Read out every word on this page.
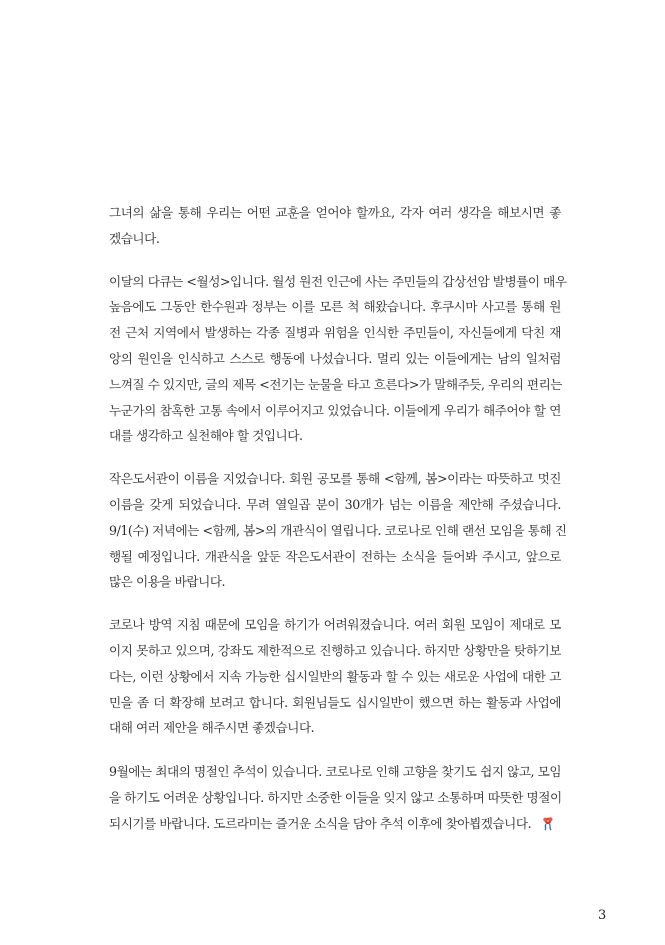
그녀의 삶을 통해 우리는 어떤 교훈을 얻어야 할까요, 각자 여러 생각을 해보시면 좋
겠습니다.
이달의 다큐는 <월성>입니다. 월성 원전 인근에 사는 주민들의 갑상선암 발병률이 매우
높음에도 그동안 한수원과 정부는 이를 모른 척 해왔습니다. 후쿠시마 사고를 통해 원
전 근처 지역에서 발생하는 각종 질병과 위험을 인식한 주민들이, 자신들에게 닥친 재
앙의 원인을 인식하고 스스로 행동에 나섰습니다. 멀리 있는 이들에게는 남의 일처럼
느껴질 수 있지만, 글의 제목 <전기는 눈물을 타고 흐른다>가 말해주듯, 우리의 편리는
누군가의 참혹한 고통 속에서 이루어지고 있었습니다. 이들에게 우리가 해주어야 할 연
대를 생각하고 실천해야 할 것입니다.
작은도서관이 이름을 지었습니다. 회원 공모를 통해 <함께, 봄>이라는 따뜻하고 멋진
이름을 갖게 되었습니다. 무려 열일곱 분이 30개가 넘는 이름을 제안해 주셨습니다.
9/1(수) 저녁에는 <함께, 봄>의 개관식이 열립니다. 코로나로 인해 랜선 모임을 통해 진
행될 예정입니다. 개관식을 앞둔 작은도서관이 전하는 소식을 들어봐 주시고, 앞으로
많은 이용을 바랍니다.
코로나 방역 지침 때문에 모임을 하기가 어려워졌습니다. 여러 회원 모임이 제대로 모
이지 못하고 있으며, 강좌도 제한적으로 진행하고 있습니다. 하지만 상황만을 탓하기보
다는, 이런 상황에서 지속 가능한 십시일반의 활동과 할 수 있는 새로운 사업에 대한 고
민을 좀 더 확장해 보려고 합니다. 회원님들도 십시일반이 했으면 하는 활동과 사업에
대해 여러 제안을 해주시면 좋겠습니다.
9월에는 최대의 명절인 추석이 있습니다. 코로나로 인해 고향을 찾기도 쉽지 않고, 모임
을 하기도 어려운 상황입니다. 하지만 소중한 이들을 잊지 않고 소통하며 따뜻한 명절이
되시기를 바랍니다. 도르라미는 즐거운 소식을 담아 추석 이후에 찾아뵙겠습니다.
3
